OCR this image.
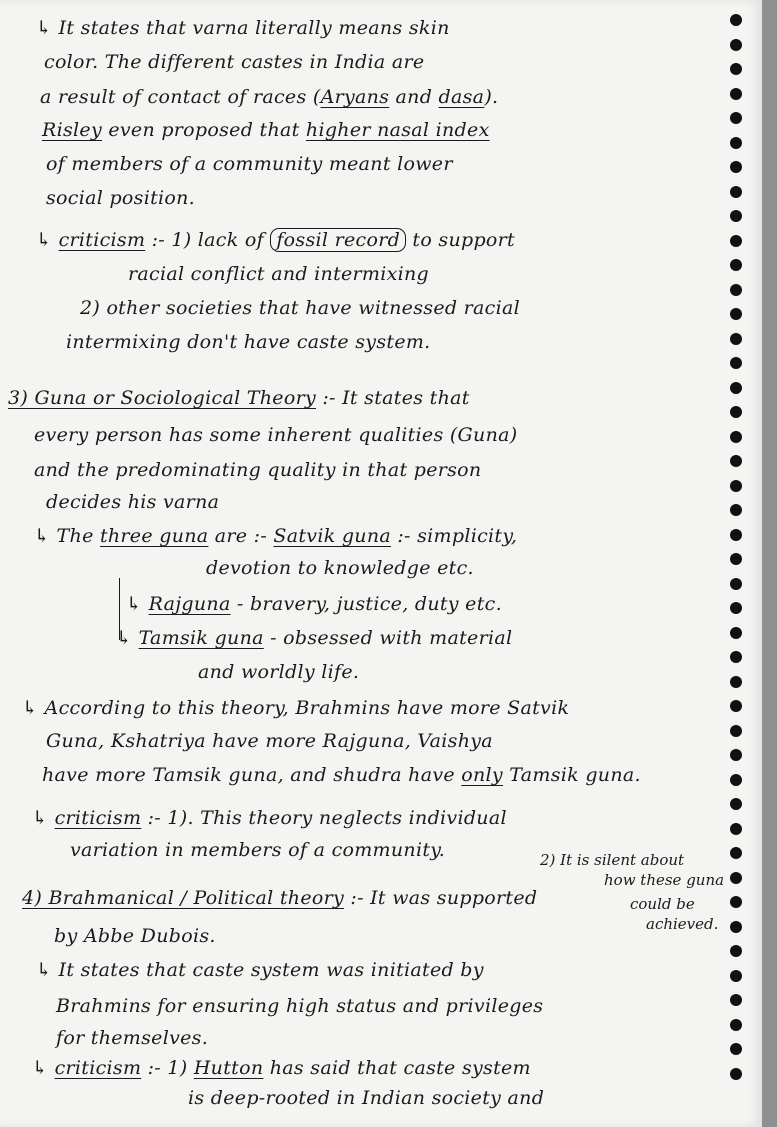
↳ It states that varna literally means skin
color. The different castes in India are
a result of contact of races (Aryans and dasa).
Risley even proposed that higher nasal index
of members of a community meant lower
social position.
↳ criticism :- 1) lack of fossil record to support
racial conflict and intermixing
2) other societies that have witnessed racial
intermixing don't have caste system.
3) Guna or Sociological Theory :- It states that
every person has some inherent qualities (Guna)
and the predominating quality in that person
decides his varna
↳ The three guna are :- Satvik guna :- simplicity,
devotion to knowledge etc.
↳ Rajguna - bravery, justice, duty etc.
↳ Tamsik guna - obsessed with material
and worldly life.
↳ According to this theory, Brahmins have more Satvik
Guna, Kshatriya have more Rajguna, Vaishya
have more Tamsik guna, and shudra have only Tamsik guna.
↳ criticism :- 1). This theory neglects individual
variation in members of a community.
4) Brahmanical / Political theory :- It was supported
by Abbe Dubois.
↳ It states that caste system was initiated by
Brahmins for ensuring high status and privileges
for themselves.
↳ criticism :- 1) Hutton has said that caste system
is deep-rooted in Indian society and
2) It is silent about
how these guna
could be
achieved.
